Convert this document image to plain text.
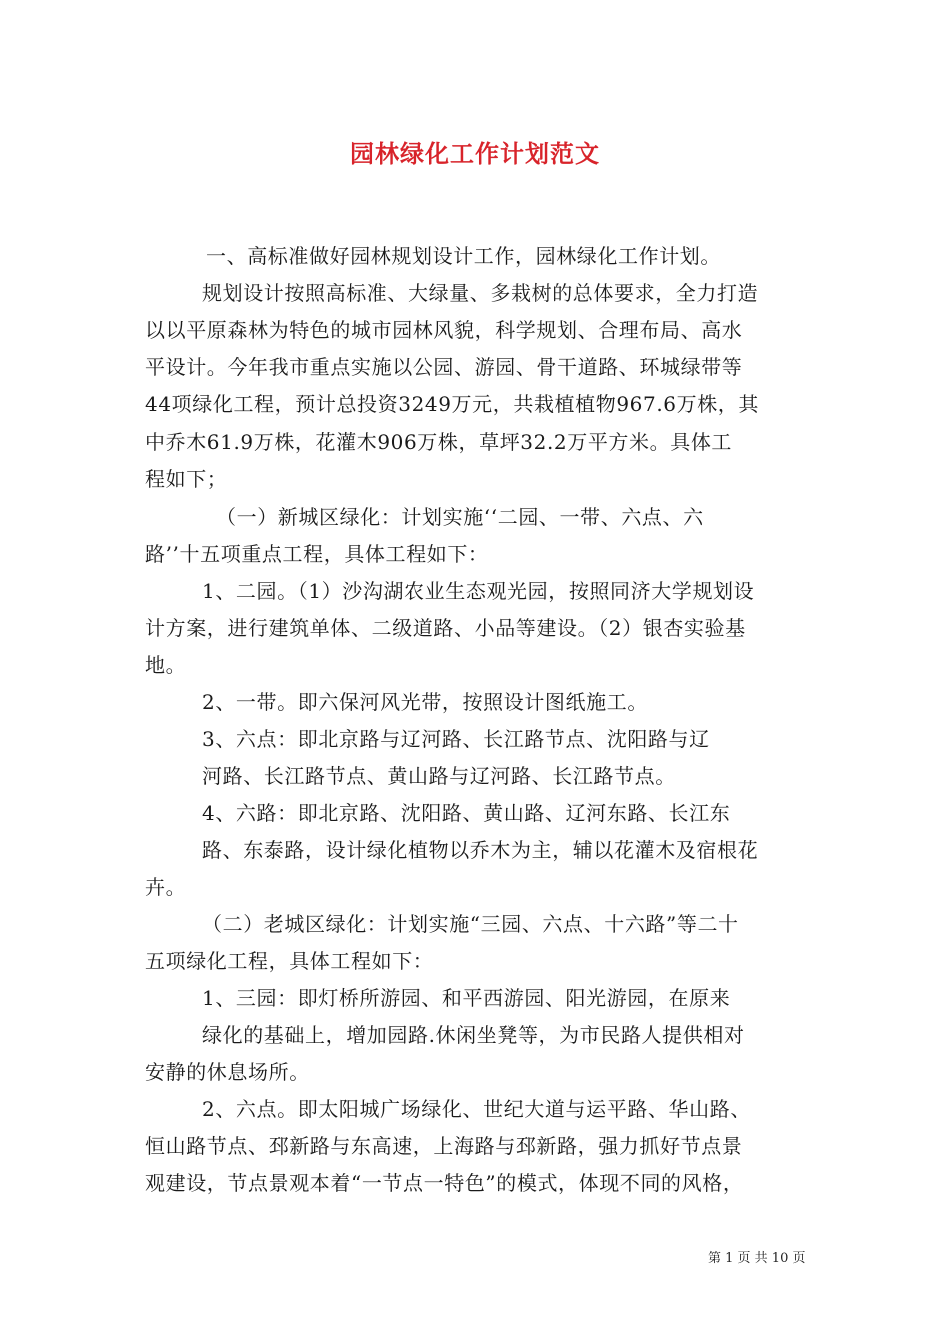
园林绿化工作计划范文
一、高标准做好园林规划设计工作，园林绿化工作计划。
规划设计按照高标准、大绿量、多栽树的总体要求，全力打造
以以平原森林为特色的城市园林风貌，科学规划、合理布局、高水
平设计。今年我市重点实施以公园、游园、骨干道路、环城绿带等
44项绿化工程，预计总投资3249万元，共栽植植物967.6万株，其
中乔木61.9万株，花灌木906万株，草坪32.2万平方米。具体工
程如下；
（一）新城区绿化：计划实施‘‘二园、一带、六点、六
路’’十五项重点工程，具体工程如下：
1、二园。（1）沙沟湖农业生态观光园，按照同济大学规划设
计方案，进行建筑单体、二级道路、小品等建设。（2）银杏实验基
地。
2、一带。即六保河风光带，按照设计图纸施工。
3、六点：即北京路与辽河路、长江路节点、沈阳路与辽
河路、长江路节点、黄山路与辽河路、长江路节点。
4、六路：即北京路、沈阳路、黄山路、辽河东路、长江东
路、东泰路，设计绿化植物以乔木为主，辅以花灌木及宿根花
卉。
（二）老城区绿化：计划实施“三园、六点、十六路”等二十
五项绿化工程，具体工程如下：
1、三园：即灯桥所游园、和平西游园、阳光游园，在原来
绿化的基础上，增加园路.休闲坐凳等，为市民路人提供相对
安静的休息场所。
2、六点。即太阳城广场绿化、世纪大道与运平路、华山路、
恒山路节点、邳新路与东高速，上海路与邳新路，强力抓好节点景
观建设，节点景观本着“一节点一特色”的模式，体现不同的风格，
第 1 页 共 10 页
